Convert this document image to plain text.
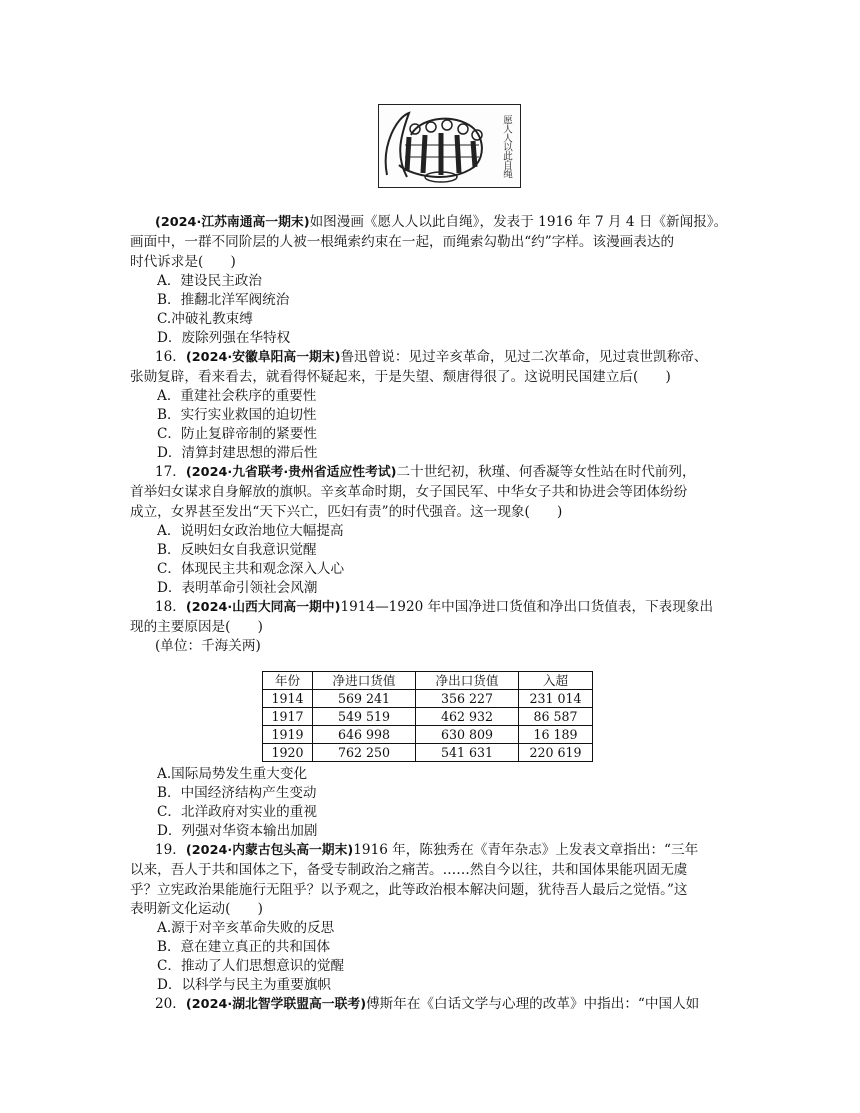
愿人人以此自绳
(2024·江苏南通高一期末)如图漫画《愿人人以此自绳》，发表于 1916 年 7 月 4 日《新闻报》。
画面中，一群不同阶层的人被一根绳索约束在一起，而绳索勾勒出“约”字样。该漫画表达的
时代诉求是(　　)
A．建设民主政治
B．推翻北洋军阀统治
C.冲破礼教束缚
D．废除列强在华特权
16．(2024·安徽阜阳高一期末)鲁迅曾说：见过辛亥革命，见过二次革命，见过袁世凯称帝、
张勋复辟，看来看去，就看得怀疑起来，于是失望、颓唐得很了。这说明民国建立后(　　)
A．重建社会秩序的重要性
B．实行实业救国的迫切性
C．防止复辟帝制的紧要性
D．清算封建思想的滞后性
17．(2024·九省联考·贵州省适应性考试)二十世纪初，秋瑾、何香凝等女性站在时代前列，
首举妇女谋求自身解放的旗帜。辛亥革命时期，女子国民军、中华女子共和协进会等团体纷纷
成立，女界甚至发出“天下兴亡，匹妇有责”的时代强音。这一现象(　　)
A．说明妇女政治地位大幅提高
B．反映妇女自我意识觉醒
C．体现民主共和观念深入人心
D．表明革命引领社会风潮
18．(2024·山西大同高一期中)1914—1920 年中国净进口货值和净出口货值表，下表现象出
现的主要原因是(　　)
(单位：千海关两)
年份	净进口货值	净出口货值	入超
1914	569 241	356 227	231 014
1917	549 519	462 932	86 587
1919	646 998	630 809	16 189
1920	762 250	541 631	220 619
A.国际局势发生重大变化
B．中国经济结构产生变动
C．北洋政府对实业的重视
D．列强对华资本输出加剧
19．(2024·内蒙古包头高一期末)1916 年，陈独秀在《青年杂志》上发表文章指出：“三年
以来，吾人于共和国体之下，备受专制政治之痛苦。……然自今以往，共和国体果能巩固无虞
乎？立宪政治果能施行无阻乎？以予观之，此等政治根本解决问题，犹待吾人最后之觉悟。”这
表明新文化运动(　　)
A.源于对辛亥革命失败的反思
B．意在建立真正的共和国体
C．推动了人们思想意识的觉醒
D．以科学与民主为重要旗帜
20．(2024·湖北智学联盟高一联考)傅斯年在《白话文学与心理的改革》中指出：“中国人如
